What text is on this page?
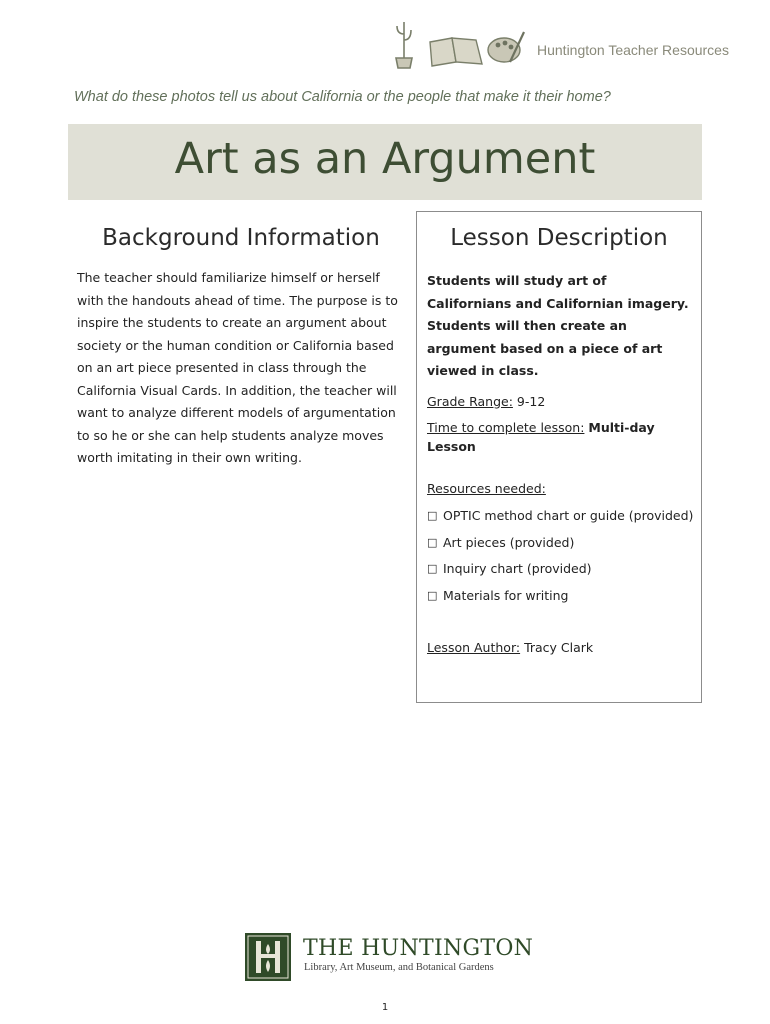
Huntington Teacher Resources
What do these photos tell us about California or the people that make it their home?
Art as an Argument
Background Information
The teacher should familiarize himself or herself with the handouts ahead of time. The purpose is to inspire the students to create an argument about society or the human condition or California based on an art piece presented in class through the California Visual Cards. In addition, the teacher will want to analyze different models of argumentation to so he or she can help students analyze moves worth imitating in their own writing.
Lesson Description
Students will study art of Californians and Californian imagery. Students will then create an argument based on a piece of art viewed in class.
Grade Range: 9-12
Time to complete lesson: Multi-day Lesson
Resources needed:
□ OPTIC method chart or guide (provided)
□ Art pieces (provided)
□ Inquiry chart (provided)
□ Materials for writing
Lesson Author: Tracy Clark
THE HUNTINGTON
Library, Art Museum, and Botanical Gardens
1
